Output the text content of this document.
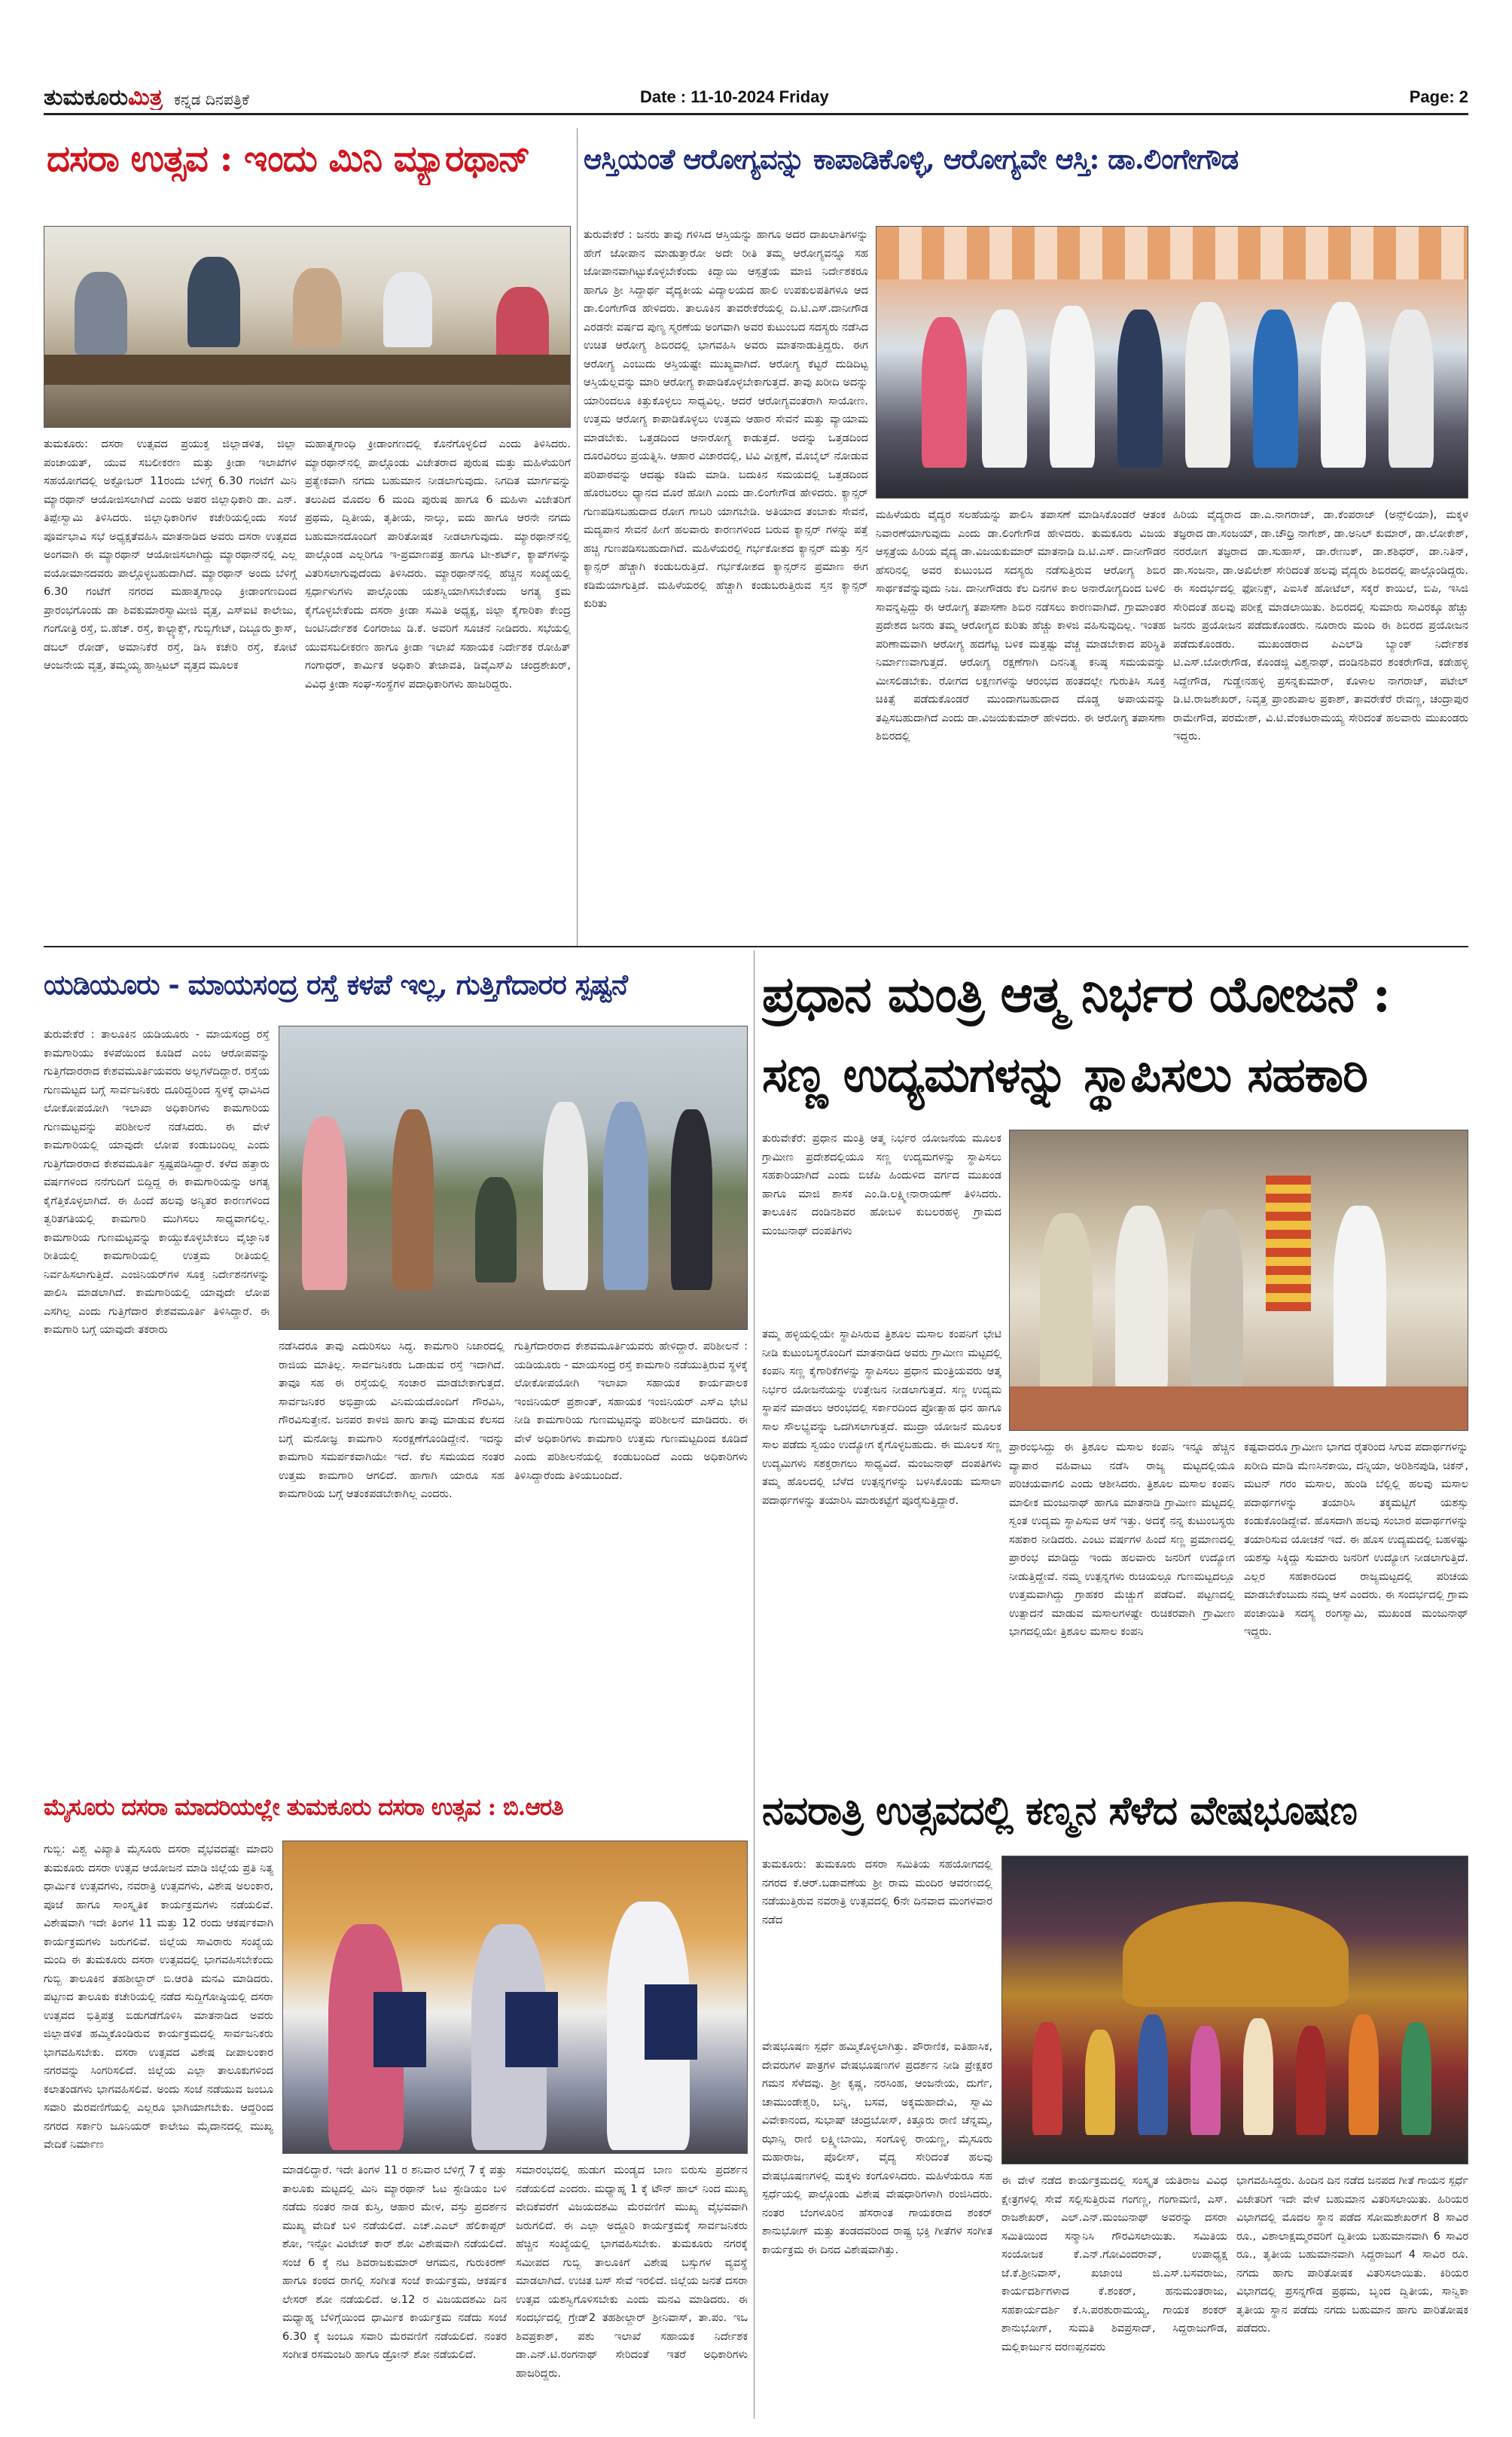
ತುಮಕೂರುಮಿತ್ರ ಕನ್ನಡ ದಿನಪತ್ರಿಕೆ	Date : 11-10-2024 Friday	Page: 2
ದಸರಾ ಉತ್ಸವ : ಇಂದು ಮಿನಿ ಮ್ಯಾರಥಾನ್
ತುಮಕೂರು: ದಸರಾ ಉತ್ಸವದ ಪ್ರಯುಕ್ತ ಜಿಲ್ಲಾಡಳಿತ, ಜಿಲ್ಲಾ ಪಂಚಾಯತ್, ಯುವ ಸಬಲೀಕರಣ ಮತ್ತು ಕ್ರೀಡಾ ಇಲಾಖೆಗಳ ಸಹಯೋಗದಲ್ಲಿ ಅಕ್ಟೋಬರ್ 11ರಂದು ಬೆಳಿಗ್ಗೆ 6.30 ಗಂಟೆಗೆ ಮಿನಿ ಮ್ಯಾರಥಾನ್ ಆಯೋಜಿಸಲಾಗಿದೆ ಎಂದು ಅಪರ ಜಿಲ್ಲಾಧಿಕಾರಿ ಡಾ. ಎನ್. ತಿಪ್ಪೇಸ್ವಾಮಿ ತಿಳಿಸಿದರು. ಜಿಲ್ಲಾಧಿಕಾರಿಗಳ ಕಚೇರಿಯಲ್ಲಿಂದು ಸಂಜೆ ಪೂರ್ವಭಾವಿ ಸಭೆ ಅಧ್ಯಕ್ಷತೆವಹಿಸಿ ಮಾತನಾಡಿದ ಅವರು ದಸರಾ ಉತ್ಸವದ ಅಂಗವಾಗಿ ಈ ಮ್ಯಾರಥಾನ್ ಆಯೋಜಿಸಲಾಗಿದ್ದು ಮ್ಯಾರಥಾನ್‌ನಲ್ಲಿ ಎಲ್ಲ ವಯೋಮಾನದವರು ಪಾಲ್ಗೊಳ್ಳಬಹುದಾಗಿದೆ. ಮ್ಯಾರಥಾನ್ ಅಂದು ಬೆಳಿಗ್ಗೆ 6.30 ಗಂಟೆಗೆ ನಗರದ ಮಹಾತ್ಮಗಾಂಧಿ ಕ್ರೀಡಾಂಗಣದಿಂದ ಪ್ರಾರಂಭಗೊಂಡು ಡಾ ಶಿವಕುಮಾರಸ್ವಾಮೀಜಿ ವೃತ್ತ, ಎಸ್‌ಐಟಿ ಕಾಲೇಜು, ಗಂಗೋತ್ರಿ ರಸ್ತೆ, ಬಿ.ಹೆಚ್. ರಸ್ತೆ, ಕಾಲ್ಟ್ಯಾಕ್ಸ್, ಗುಬ್ಬಿಗೇಟ್, ದಿಬ್ಬೂರು ಕ್ರಾಸ್, ಡಬಲ್ ರೋಡ್, ಅಮಾನಿಕೆರೆ ರಸ್ತೆ, ಡಿಸಿ ಕಚೇರಿ ರಸ್ತೆ, ಕೋಟೆ ಆಂಜನೇಯ ವೃತ್ತ, ತಮ್ಮಯ್ಯ ಹಾಸ್ಪಿಟಲ್ ವೃತ್ತದ ಮೂಲಕ
ಮಹಾತ್ಮಗಾಂಧಿ ಕ್ರೀಡಾಂಗಣದಲ್ಲಿ ಕೊನೆಗೊಳ್ಳಲಿದೆ ಎಂದು ತಿಳಿಸಿದರು. ಮ್ಯಾರಥಾನ್‌ನಲ್ಲಿ ಪಾಲ್ಗೊಂಡು ವಿಜೇತರಾದ ಪುರುಷ ಮತ್ತು ಮಹಿಳೆಯರಿಗೆ ಪ್ರತ್ಯೇಕವಾಗಿ ನಗದು ಬಹುಮಾನ ನೀಡಲಾಗುವುದು. ನಿಗದಿತ ಮಾರ್ಗವನ್ನು ತಲುಪಿದ ಮೊದಲ 6 ಮಂದಿ ಪುರುಷ ಹಾಗೂ 6 ಮಹಿಳಾ ವಿಜೇತರಿಗೆ ಪ್ರಥಮ, ದ್ವಿತೀಯ, ತೃತೀಯ, ನಾಲ್ಕು, ಐದು ಹಾಗೂ ಆರನೇ ನಗದು ಬಹುಮಾನದೊಂದಿಗೆ ಪಾರಿತೋಷಕ ನೀಡಲಾಗುವುದು. ಮ್ಯಾರಥಾನ್‌ನಲ್ಲಿ ಪಾಲ್ಗೊಂಡ ಎಲ್ಲರಿಗೂ ಇ-ಪ್ರಮಾಣಪತ್ರ ಹಾಗೂ ಟೀ-ಶರ್ಟ್, ಕ್ಯಾಪ್‌ಗಳನ್ನು ವಿತರಿಸಲಾಗುವುದೆಂದು ತಿಳಿಸಿದರು. ಮ್ಯಾರಥಾನ್‌ನಲ್ಲಿ ಹೆಚ್ಚಿನ ಸಂಖ್ಯೆಯಲ್ಲಿ ಸ್ಪರ್ಧಾಳುಗಳು ಪಾಲ್ಗೊಂಡು ಯಶಸ್ವಿಯಾಗಿಸಬೇಕೆಂದು ಅಗತ್ಯ ಕ್ರಮ ಕೈಗೊಳ್ಳಬೇಕೆಂದು ದಸರಾ ಕ್ರೀಡಾ ಸಮಿತಿ ಅಧ್ಯಕ್ಷ, ಜಿಲ್ಲಾ ಕೈಗಾರಿಕಾ ಕೇಂದ್ರ ಜಂಟಿನಿರ್ದೇಶಕ ಲಿಂಗರಾಜು ಡಿ.ಕೆ. ಅವರಿಗೆ ಸೂಚನೆ ನೀಡಿದರು. ಸಭೆಯಲ್ಲಿ ಯುವಸಬಲೀಕರಣ ಹಾಗೂ ಕ್ರೀಡಾ ಇಲಾಖೆ ಸಹಾಯಕ ನಿರ್ದೇಶಕ ರೋಹಿತ್ ಗಂಗಾಧರ್, ಕಾರ್ಮಿಕ ಅಧಿಕಾರಿ ತೇಜಾವತಿ, ಡಿವೈಎಸ್‌ಪಿ ಚಂದ್ರಶೇಖರ್, ವಿವಿಧ ಕ್ರೀಡಾ ಸಂಘ-ಸಂಸ್ಥೆಗಳ ಪದಾಧಿಕಾರಿಗಳು ಹಾಜರಿದ್ದರು.
ಆಸ್ತಿಯಂತೆ ಆರೋಗ್ಯವನ್ನು ಕಾಪಾಡಿಕೊಳ್ಳಿ, ಆರೋಗ್ಯವೇ ಆಸ್ತಿ: ಡಾ.ಲಿಂಗೇಗೌಡ
ತುರುವೇಕೆರೆ : ಜನರು ತಾವು ಗಳಿಸಿದ ಆಸ್ತಿಯನ್ನು ಹಾಗೂ ಅದರ ದಾಖಲಾತಿಗಳನ್ನು ಹೇಗೆ ಜೋಪಾನ ಮಾಡುತ್ತಾರೋ ಅದೇ ರೀತಿ ತಮ್ಮ ಆರೋಗ್ಯವನ್ನೂ ಸಹ ಜೋಪಾನವಾಗಿಟ್ಟುಕೊಳ್ಳಬೇಕೆಂದು ಕಿದ್ವಾಯಿ ಆಸ್ಪತ್ರೆಯ ಮಾಜಿ ನಿರ್ದೇಶಕರೂ ಹಾಗೂ ಶ್ರೀ ಸಿದ್ದಾರ್ಥ ವೈದ್ಯಕೀಯ ವಿದ್ಯಾಲಯದ ಹಾಲಿ ಉಪಕುಲಪತಿಗಳೂ ಆದ ಡಾ.ಲಿಂಗೇಗೌಡ ಹೇಳಿದರು. ತಾಲೂಕಿನ ತಾವರೇಕೆರೆಯಲ್ಲಿ ದಿ.ಟಿ.ಎಸ್.ದಾನೀಗೌಡ ಎರಡನೇ ವರ್ಷದ ಪುಣ್ಯ ಸ್ಮರಣೆಯ ಅಂಗವಾಗಿ ಅವರ ಕುಟುಂಬದ ಸದಸ್ಯರು ನಡೆಸಿದ ಉಚಿತ ಆರೋಗ್ಯ ಶಿಬಿರದಲ್ಲಿ ಭಾಗವಹಿಸಿ ಅವರು ಮಾತನಾಡುತ್ತಿದ್ದರು. ಈಗ ಆರೋಗ್ಯ ಎಂಬುದು ಆಸ್ತಿಯಷ್ಟೇ ಮುಖ್ಯವಾಗಿದೆ. ಆರೋಗ್ಯ ಕೆಟ್ಟರೆ ದುಡಿದಿಟ್ಟ ಆಸ್ತಿಯೆಲ್ಲವನ್ನು ಮಾರಿ ಆರೋಗ್ಯ ಕಾಪಾಡಿಕೊಳ್ಳಬೇಕಾಗುತ್ತದೆ. ತಾವು ಖರೀದಿ ಅದನ್ನು ಯಾರಿಂದಲೂ ಕಿತ್ತುಕೊಳ್ಳಲು ಸಾಧ್ಯವಿಲ್ಲ. ಆದರೆ ಆರೋಗ್ಯವಂತರಾಗಿ ಸಾಯೋಣ. ಉತ್ತಮ ಆರೋಗ್ಯ ಕಾಪಾಡಿಕೊಳ್ಳಲು ಉತ್ತಮ ಆಹಾರ ಸೇವನೆ ಮತ್ತು ವ್ಯಾಯಾಮ ಮಾಡಬೇಕು. ಒತ್ತಡದಿಂದ ಆನಾರೋಗ್ಯ ಕಾಡುತ್ತದೆ. ಅದನ್ನು ಒತ್ತಡದಿಂದ ದೂರವಿರಲು ಪ್ರಯತ್ನಿಸಿ. ಆಹಾರ ವಿಚಾರದಲ್ಲಿ, ಟಿವಿ ವೀಕ್ಷಣೆ, ಮೊಬೈಲ್ ನೋಡುವ ಪರಿಪಾಠವನ್ನು ಆದಷ್ಟು ಕಡಿಮೆ ಮಾಡಿ. ಬದುಕಿನ ಸಮಯದಲ್ಲಿ ಒತ್ತಡದಿಂದ ಹೊರಬರಲು ಧ್ಯಾನದ ಮೊರೆ ಹೋಗಿ ಎಂದು ಡಾ.ಲಿಂಗೇಗೌಡ ಹೇಳಿದರು. ಕ್ಯಾನ್ಸರ್ ಗುಣಪಡಿಸಬಹುದಾದ ರೋಗ ಗಾಬರಿ ಯಾಗಬೇಡಿ. ಅತಿಯಾದ ತಂಬಾಕು ಸೇವನೆ, ಮದ್ಯಪಾನ ಸೇವನೆ ಹೀಗೆ ಹಲವಾರು ಕಾರಣಗಳಿಂದ ಬರುವ ಕ್ಯಾನ್ಸರ್ ಗಳನ್ನು ಪತ್ತೆ ಹಚ್ಚಿ ಗುಣಪಡಿಸಬಹುದಾಗಿದೆ. ಮಹಿಳೆಯರಲ್ಲಿ ಗರ್ಭಕೋಶದ ಕ್ಯಾನ್ಸರ್ ಮತ್ತು ಸ್ತನ ಕ್ಯಾನ್ಸರ್ ಹೆಚ್ಚಾಗಿ ಕಂಡುಬರುತ್ತಿದೆ. ಗರ್ಭಕೋಶದ ಕ್ಯಾನ್ಸರ್‌ನ ಪ್ರಮಾಣ ಈಗ ಕಡಿಮೆಯಾಗುತ್ತಿದೆ. ಮಹಿಳೆಯರಲ್ಲಿ ಹೆಚ್ಚಾಗಿ ಕಂಡುಬರುತ್ತಿರುವ ಸ್ತನ ಕ್ಯಾನ್ಸರ್ ಕುರಿತು
ಮಹಿಳೆಯರು ವೈದ್ಯರ ಸಲಹೆಯನ್ನು ಪಾಲಿಸಿ ತಪಾಸಣೆ ಮಾಡಿಸಿಕೊಂಡರೆ ಆತಂಕ ನಿವಾರಣೆಯಾಗುವುದು ಎಂದು ಡಾ.ಲಿಂಗೇಗೌಡ ಹೇಳಿದರು. ತುಮಕೂರು ವಿಜಯ ಆಸ್ಪತ್ರೆಯ ಹಿರಿಯ ವೈದ್ಯ ಡಾ.ವಿಜಯಕುಮಾರ್ ಮಾತನಾಡಿ ದಿ.ಟಿ.ಎಸ್. ದಾನೀಗೌಡರ ಹೆಸರಿನಲ್ಲಿ ಅವರ ಕುಟುಂಬದ ಸದಸ್ಯರು ನಡೆಸುತ್ತಿರುವ ಆರೋಗ್ಯ ಶಿಬಿರ ಸಾರ್ಥಕವೆನ್ನುವುದು ನಿಜ. ದಾನೀಗೌಡರು ಕೆಲ ದಿನಗಳ ಕಾಲ ಅನಾರೋಗ್ಯದಿಂದ ಬಳಲಿ ಸಾವನ್ನಪ್ಪಿದ್ದು ಈ ಆರೋಗ್ಯ ತಪಾಸಣಾ ಶಿಬಿರ ನಡೆಸಲು ಕಾರಣವಾಗಿದೆ. ಗ್ರಾಮಾಂತರ ಪ್ರದೇಶದ ಜನರು ತಮ್ಮ ಆರೋಗ್ಯದ ಕುರಿತು ಹೆಚ್ಚು ಕಾಳಜಿ ವಹಿಸುವುದಿಲ್ಲ. ಇಂತಹ ಪರಿಣಾಮವಾಗಿ ಆರೋಗ್ಯ ಹದಗೆಟ್ಟ ಬಳಿಕ ಮತ್ತಷ್ಟು ವೆಚ್ಚ ಮಾಡಬೇಕಾದ ಪರಿಸ್ಥಿತಿ ನಿರ್ಮಾಣವಾಗುತ್ತದೆ. ಆರೋಗ್ಯ ರಕ್ಷಣೆಗಾಗಿ ದಿನನಿತ್ಯ ಕನಿಷ್ಠ ಸಮಯವನ್ನು ಮೀಸಲಿಡಬೇಕು. ರೋಗದ ಲಕ್ಷಣಗಳನ್ನು ಆರಂಭದ ಹಂತದಲ್ಲೇ ಗುರುತಿಸಿ ಸೂಕ್ತ ಚಿಕಿತ್ಸೆ ಪಡೆದುಕೊಂಡರೆ ಮುಂದಾಗಬಹುದಾದ ದೊಡ್ಡ ಅಪಾಯವನ್ನು ತಪ್ಪಿಸಬಹುದಾಗಿದೆ ಎಂದು ಡಾ.ವಿಜಯಕುಮಾರ್ ಹೇಳಿದರು. ಈ ಆರೋಗ್ಯ ತಪಾಸಣಾ ಶಿಬಿರದಲ್ಲಿ
ಹಿರಿಯ ವೈದ್ಯರಾದ ಡಾ.ಎ.ನಾಗರಾಜ್, ಡಾ.ಕೆಂಪರಾಜ್ (ಅನ್ಸ್‌ಲಿಯಾ), ಮಕ್ಕಳ ತಜ್ಞರಾದ ಡಾ.ಸಂಜಯ್, ಡಾ.ಚೌಧ್ರಿ ನಾಗೇಶ್, ಡಾ.ಅನಿಲ್ ಕುಮಾರ್, ಡಾ.ಲೋಕೇಶ್, ನರರೋಗ ತಜ್ಞರಾದ ಡಾ.ಸುಹಾಸ್, ಡಾ.ರೇಣುಕ್, ಡಾ.ಶಶಿಧರ್, ಡಾ.ನಿತಿನ್, ಡಾ.ಸಂಜನಾ, ಡಾ.ಅಖಿಲೇಶ್ ಸೇರಿದಂತೆ ಹಲವು ವೈದ್ಯರು ಶಿಬಿರದಲ್ಲಿ ಪಾಲ್ಗೊಂಡಿದ್ದರು. ಈ ಸಂದರ್ಭದಲ್ಲಿ ಫೋನಿಕ್ಸ್, ಪಿಐಸಿಕೆ ಹೋಟೆಲ್, ಸಕ್ಕರೆ ಕಾಯಿಲೆ, ಬಿಪಿ, ಇಸಿಜಿ ಸೇರಿದಂತೆ ಹಲವು ಪರೀಕ್ಷೆ ಮಾಡಲಾಯಿತು. ಶಿಬಿರದಲ್ಲಿ ಸುಮಾರು ಸಾವಿರಕ್ಕೂ ಹೆಚ್ಚು ಜನರು ಪ್ರಯೋಜನ ಪಡೆದುಕೊಂಡರು. ನೂರಾರು ಮಂದಿ ಈ ಶಿಬಿರದ ಪ್ರಯೋಜನ ಪಡೆದುಕೊಂಡರು. ಮುಖಂಡರಾದ ಪಿಎಲ್‌ಡಿ ಬ್ಯಾಂಕ್ ನಿರ್ದೇಶಕ ಟಿ.ಎಸ್.ಬೋರೇಗೌಡ, ಕೊಂಡಜ್ಜಿ ವಿಶ್ವನಾಥ್, ದಂಡಿನಶಿವರ ಶಂಕರೇಗೌಡ, ಕಡೇಹಳ್ಳಿ ಸಿದ್ದೇಗೌಡ, ಗುಡ್ಡೇನಹಳ್ಳಿ ಪ್ರಸನ್ನಕುಮಾರ್, ಕೊಳಾಲ ನಾಗರಾಜ್, ಪಟೇಲ್ ಡಿ.ಟಿ.ರಾಜಶೇಖರ್, ನಿವೃತ್ತ ಪ್ರಾಂಶುಪಾಲ ಪ್ರಕಾಶ್, ತಾವರೇಕೆರೆ ರೇವಣ್ಣ, ಚಂದ್ರಾಪುರ ರಾಮೇಗೌಡ, ಪರಮೇಶ್, ವಿ.ಟಿ.ವೆಂಕಟರಾಮಯ್ಯ ಸೇರಿದಂತೆ ಹಲವಾರು ಮುಖಂಡರು ಇದ್ದರು.
ಯಡಿಯೂರು - ಮಾಯಸಂದ್ರ ರಸ್ತೆ ಕಳಪೆ ಇಲ್ಲ, ಗುತ್ತಿಗೆದಾರರ ಸ್ಪಷ್ಟನೆ
ತುರುವೇಕೆರೆ : ತಾಲೂಕಿನ ಯಡಿಯೂರು - ಮಾಯಸಂದ್ರ ರಸ್ತೆ ಕಾಮಗಾರಿಯು ಕಳಪೆಯಿಂದ ಕೂಡಿದೆ ಎಂಬ ಆರೋಪವನ್ನು ಗುತ್ತಿಗೆದಾರರಾದ ಕೇಶವಮೂರ್ತಿಯವರು ಅಲ್ಲಗಳೆದಿದ್ದಾರೆ. ರಸ್ತೆಯ ಗುಣಮಟ್ಟದ ಬಗ್ಗೆ ಸಾರ್ವಜನಿಕರು ದೂರಿದ್ದರಿಂದ ಸ್ಥಳಕ್ಕೆ ಧಾವಿಸಿದ ಲೋಕೋಪಯೋಗಿ ಇಲಾಖಾ ಅಧಿಕಾರಿಗಳು ಕಾಮಗಾರಿಯ ಗುಣಮಟ್ಟವನ್ನು ಪರಿಶೀಲನೆ ನಡೆಸಿದರು. ಈ ವೇಳೆ ಕಾಮಗಾರಿಯಲ್ಲಿ ಯಾವುದೇ ಲೋಪ ಕಂಡುಬಂದಿಲ್ಲ ಎಂದು ಗುತ್ತಿಗೆದಾರರಾದ ಕೇಶವಮೂರ್ತಿ ಸ್ಪಷ್ಟಪಡಿಸಿದ್ದಾರೆ. ಕಳೆದ ಹತ್ತಾರು ವರ್ಷಗಳಿಂದ ನನೆಗುದಿಗೆ ಬಿದ್ದಿದ್ದ ಈ ಕಾಮಗಾರಿಯನ್ನು ಅಗತ್ಯ ಕೈಗೆತ್ತಿಕೊಳ್ಳಲಾಗಿದೆ. ಈ ಹಿಂದೆ ಹಲವು ಅನ್ಯಿತರ ಕಾರಣಗಳಿಂದ ತ್ವರಿತಗತಿಯಲ್ಲಿ ಕಾಮಗಾರಿ ಮುಗಿಸಲು ಸಾಧ್ಯವಾಗಲಿಲ್ಲ. ಕಾಮಗಾರಿಯ ಗುಣಮಟ್ಟವನ್ನು ಕಾಯ್ದುಕೊಳ್ಳಬೇಕಲು ವೈಜ್ಞಾನಿಕ ರೀತಿಯಲ್ಲಿ ಕಾಮಗಾರಿಯಲ್ಲಿ ಉತ್ತಮ ರೀತಿಯಲ್ಲಿ ನಿರ್ವಹಿಸಲಾಗುತ್ತಿದೆ. ಎಂಜಿನಿಯರ್‌ಗಳ ಸೂಕ್ತ ನಿರ್ದೇಶನಗಳನ್ನು ಪಾಲಿಸಿ ಮಾಡಲಾಗಿದೆ. ಕಾಮಗಾರಿಯಲ್ಲಿ ಯಾವುದೇ ಲೋಪ ಎಸಗಿಲ್ಲ ಎಂದು ಗುತ್ತಿಗೆದಾರ ಕೇಶವಮೂರ್ತಿ ತಿಳಿಸಿದ್ದಾರೆ. ಈ ಕಾಮಗಾರಿ ಬಗ್ಗೆ ಯಾವುದೇ ತಕರಾರು
ನಡೆಸಿದರೂ ತಾವು ಎದುರಿಸಲು ಸಿದ್ಧ. ಕಾಮಗಾರಿ ನಿಜಾರದಲ್ಲಿ ರಾಜಿಯ ಮಾತಿಲ್ಲ. ಸಾರ್ವಜನಿಕರು ಒಡಾಡುವ ರಸ್ತೆ ಇದಾಗಿದೆ. ತಾವೂ ಸಹ ಈ ರಸ್ತೆಯಲ್ಲಿ ಸಂಚಾರ ಮಾಡಬೇಕಾಗುತ್ತದೆ. ಸಾರ್ವಜನಿಕರ ಅಭಿಪ್ರಾಯ ವಿನಿಮಯದೊಂದಿಗೆ ಗೌರವಿಸಿ, ಗೌರವಿಸುತ್ತೇನೆ. ಜನಪರ ಕಾಳಜಿ ಹಾಗು ತಾವು ಮಾಡುವ ಕೆಲಸದ ಬಗ್ಗೆ ಮನೋಜ್ಞ ಕಾಮಗಾರಿ ಸಂರಕ್ಷಣೆಗೊಂಡಿದ್ದೇನೆ. ಇದನ್ನು ಕಾಮಗಾರಿ ಸಮರ್ಪಕವಾಗಿಯೇ ಇದೆ. ಕೆಲ ಸಮಯದ ನಂತರ ಉತ್ತಮ ಕಾಮಗಾರಿ ಆಗಲಿದೆ. ಹಾಗಾಗಿ ಯಾರೂ ಸಹ ಕಾಮಗಾರಿಯ ಬಗ್ಗೆ ಆತಂಕಪಡಬೇಕಾಗಿಲ್ಲ ಎಂದರು.
ಗುತ್ತಿಗೆದಾರರಾದ ಕೇಶವಮೂರ್ತಿಯವರು ಹೇಳಿದ್ದಾರೆ. ಪರಿಶೀಲನೆ : ಯಡಿಯೂರು - ಮಾಯಸಂದ್ರ ರಸ್ತೆ ಕಾಮಗಾರಿ ನಡೆಯುತ್ತಿರುವ ಸ್ಥಳಕ್ಕೆ ಲೋಕೋಪಯೋಗಿ ಇಲಾಖಾ ಸಹಾಯಕ ಕಾರ್ಯಪಾಲಕ ಇಂಜಿನಿಯರ್ ಪ್ರಶಾಂತ್, ಸಹಾಯಕ ಇಂಜಿನಿಯರ್ ಎಸ್‌ಎ ಭೇಟಿ ನೀಡಿ ಕಾಮಗಾರಿಯ ಗುಣಮಟ್ಟವನ್ನು ಪರಿಶೀಲನೆ ಮಾಡಿದರು. ಈ ವೇಳೆ ಅಧಿಕಾರಿಗಳು ಕಾಮಗಾರಿ ಉತ್ತಮ ಗುಣಮಟ್ಟದಿಂದ ಕೂಡಿದೆ ಎಂದು ಪರಿಶೀಲನೆಯಲ್ಲಿ ಕಂಡುಬಂದಿದೆ ಎಂದು ಅಧಿಕಾರಿಗಳು ತಿಳಿಸಿದ್ದಾರೆಂದು ತಿಳಿಯಬಂದಿದೆ.
ಮೈಸೂರು ದಸರಾ ಮಾದರಿಯಲ್ಲೇ ತುಮಕೂರು ದಸರಾ ಉತ್ಸವ : ಬಿ.ಆರತಿ
ಗುಬ್ಬಿ: ವಿಶ್ವ ವಿಖ್ಯಾತಿ ಮೈಸೂರು ದಸರಾ ವೈಭವದಷ್ಟೇ ಮಾದರಿ ತುಮಕೂರು ದಸರಾ ಉತ್ಸವ ಆಯೋಜನೆ ಮಾಡಿ ಜಿಲ್ಲೆಯ ಪ್ರತಿ ನಿತ್ಯ ಧಾರ್ಮಿಕ ಉತ್ಸವಗಳು, ನವರಾತ್ರಿ ಉತ್ಸವಗಳು, ವಿಶೇಷ ಅಲಂಕಾರ, ಪೂಜೆ ಹಾಗೂ ಸಾಂಸ್ಕೃತಿಕ ಕಾರ್ಯಕ್ರಮಗಳು ನಡೆಯಲಿವೆ. ವಿಶೇಷವಾಗಿ ಇದೇ ತಿಂಗಳ 11 ಮತ್ತು 12 ರಂದು ಆಕರ್ಷಕವಾಗಿ ಕಾರ್ಯಕ್ರಮಗಳು ಜರುಗಲಿವೆ. ಜಿಲ್ಲೆಯ ಸಾವಿರಾರು ಸಂಖ್ಯೆಯ ಮಂದಿ ಈ ತುಮಕೂರು ದಸರಾ ಉತ್ಸವದಲ್ಲಿ ಭಾಗವಹಿಸಬೇಕೆಂದು ಗುಬ್ಬಿ ತಾಲೂಕಿನ ತಹಶೀಲ್ದಾರ್ ಬಿ.ಆರತಿ ಮನವಿ ಮಾಡಿದರು. ಪಟ್ಟಣದ ತಾಲೂಕು ಕಚೇರಿಯಲ್ಲಿ ನಡೆದ ಸುದ್ದಿಗೋಷ್ಠಿಯಲ್ಲಿ ದಸರಾ ಉತ್ಸವದ ಭಿತ್ತಿಪತ್ರ ಬಿಡುಗಡೆಗೊಳಿಸಿ ಮಾತನಾಡಿದ ಅವರು ಜಿಲ್ಲಾಡಳಿತ ಹಮ್ಮಿಕೊಂಡಿರುವ ಕಾರ್ಯಕ್ರಮದಲ್ಲಿ ಸಾರ್ವಜನಿಕರು ಭಾಗವಹಿಸಬೇಕು. ದಸರಾ ಉತ್ಸವದ ವಿಶೇಷ ದೀಪಾಲಂಕಾರ ನಗರವನ್ನು ಸಿಂಗರಿಸಲಿದೆ. ಜಿಲ್ಲೆಯ ಎಲ್ಲಾ ತಾಲೂಕುಗಳಿಂದ ಕಲಾತಂಡಗಳು ಭಾಗವಹಿಸಲಿವೆ. ಅಂದು ಸಂಜೆ ನಡೆಯುವ ಜಂಬೂ ಸವಾರಿ ಮೆರವಣಿಗೆಯಲ್ಲಿ ಎಲ್ಲರೂ ಭಾಗಿಯಾಗಬೇಕು. ಆದ್ದರಿಂದ ನಗರದ ಸರ್ಕಾರಿ ಜೂನಿಯರ್ ಕಾಲೇಜು ಮೈದಾನದಲ್ಲಿ ಮುಖ್ಯ ವೇದಿಕೆ ನಿರ್ಮಾಣ
ಮಾಡಲಿದ್ದಾರೆ. ಇದೇ ತಿಂಗಳ 11 ರ ಶನಿವಾರ ಬೆಳಿಗ್ಗೆ 7 ಕ್ಕೆ ಪತ್ತು ತಾಲೂಕು ಮಟ್ಟದಲ್ಲಿ ಮಿನಿ ಮ್ಯಾರಥಾನ್ ಓಟ ಸ್ಟೇಡಿಯಂ ಬಳಿ ನಡೆದು ನಂತರ ನಾಡ ಕುಸ್ತಿ, ಆಹಾರ ಮೇಳ, ವಸ್ತು ಪ್ರದರ್ಶನ ಮುಖ್ಯ ವೇದಿಕೆ ಬಳಿ ನಡೆಯಲಿದೆ. ಎಚ್.ಎಎಲ್ ಹೆಲಿಕಾಪ್ಟರ್ ಶೋ, ಇನ್ಫೋ ವಿಂಟೇಜ್ ಕಾರ್ ಶೋ ವಿಶೇಷವಾಗಿ ನಡೆಯಲಿದೆ. ಸಂಜೆ 6 ಕ್ಕೆ ನಟ ಶಿವರಾಜಕುಮಾರ್ ಆಗಮನ, ಗುರುಕಿರಣ್ ಹಾಗೂ ಕಂಠದ ರಾಗಲ್ಲಿ ಸಂಗೀತ ಸಂಜೆ ಕಾರ್ಯಕ್ರಮ, ಆಕರ್ಷಕ ಲೇಸರ್ ಶೋ ನಡೆಯಲಿದೆ. ಅ.12 ರ ವಿಜಯದಶಮಿ ದಿನ ಮಧ್ಯಾಹ್ನ ಬೆಳಿಗ್ಗೆಯಿಂದ ಧಾರ್ಮಿಕ ಕಾರ್ಯಕ್ರಮ ನಡೆದು ಸಂಜೆ 6.30 ಕ್ಕೆ ಜಂಬೂ ಸವಾರಿ ಮೆರವಣಿಗೆ ನಡೆಯಲಿದೆ. ನಂತರ ಸಂಗೀತ ರಸಮಂಜರಿ ಹಾಗೂ ಡ್ರೋನ್ ಶೋ ನಡೆಯಲಿದೆ.
ಸಮಾರಂಭದಲ್ಲಿ ಹುಡುಗ ಮಂಡ್ಯದ ಬಾಣ ಬಿರುಸು ಪ್ರದರ್ಶನ ನಡೆಯಲಿದೆ ಎಂದರು. ಮಧ್ಯಾಹ್ನ 1 ಕ್ಕೆ ಟೌನ್ ಹಾಲ್ ನಿಂದ ಮುಖ್ಯ ವೇದಿಕೆವರೆಗೆ ವಿಜಯದಶಮಿ ಮೆರವಣಿಗೆ ಮುಖ್ಯ ವೈಭವವಾಗಿ ಜರುಗಲಿದೆ. ಈ ಎಲ್ಲಾ ಅದ್ದೂರಿ ಕಾರ್ಯಕ್ರಮಕ್ಕೆ ಸಾರ್ವಜನಿಕರು ಹೆಚ್ಚಿನ ಸಂಖ್ಯೆಯಲ್ಲಿ ಭಾಗವಹಿಸಬೇಕು. ತುಮಕೂರು ನಗರಕ್ಕೆ ಸಮೀಪದ ಗುಬ್ಬಿ ತಾಲೂಕಿಗೆ ವಿಶೇಷ ಬಸ್ಸುಗಳ ವ್ಯವಸ್ಥೆ ಮಾಡಲಾಗಿದೆ. ಉಚಿತ ಬಸ್ ಸೇವೆ ಇರಲಿದೆ. ಜಿಲ್ಲೆಯ ಜನತೆ ದಸರಾ ಉತ್ಸವ ಯಶಸ್ವಿಗೊಳಿಸಬೇಕು ಎಂದು ಮನವಿ ಮಾಡಿದರು. ಈ ಸಂದರ್ಭದಲ್ಲಿ ಗ್ರೇಡ್2 ತಹಶೀಲ್ದಾರ್ ಶ್ರೀನಿವಾಸ್, ತಾ.ಪಂ. ಇಒ ಶಿವಪ್ರಕಾಶ್, ಪಶು ಇಲಾಖೆ ಸಹಾಯಕ ನಿರ್ದೇಶಕ ಡಾ.ಎನ್.ಟಿ.ರಂಗನಾಥ್ ಸೇರಿದಂತೆ ಇತರೆ ಅಧಿಕಾರಿಗಳು ಹಾಜರಿದ್ದರು.
ಪ್ರಧಾನ ಮಂತ್ರಿ ಆತ್ಮ ನಿರ್ಭರ ಯೋಜನೆ :
ಸಣ್ಣ ಉದ್ಯಮಗಳನ್ನು ಸ್ಥಾಪಿಸಲು ಸಹಕಾರಿ
ತುರುವೇಕೆರೆ: ಪ್ರಧಾನ ಮಂತ್ರಿ ಆತ್ಮ ನಿರ್ಭರ ಯೋಜನೆಯ ಮೂಲಕ ಗ್ರಾಮೀಣ ಪ್ರದೇಶದಲ್ಲಿಯೂ ಸಣ್ಣ ಉದ್ಯಮಗಳನ್ನು ಸ್ಥಾಪಿಸಲು ಸಹಕಾರಿಯಾಗಿದೆ ಎಂದು ಬಿಜೆಪಿ ಹಿಂದುಳಿದ ವರ್ಗದ ಮುಖಂಡ ಹಾಗೂ ಮಾಜಿ ಶಾಸಕ ಎಂ.ಡಿ.ಲಕ್ಷ್ಮೀನಾರಾಯಣ್ ತಿಳಿಸಿದರು. ತಾಲೂಕಿನ ದಂಡಿನಶಿವರ ಹೋಬಳಿ ಕುಬಲರಹಳ್ಳಿ ಗ್ರಾಮದ ಮಂಜುನಾಥ್ ದಂಪತಿಗಳು
ತಮ್ಮ ಹಳ್ಳಿಯಲ್ಲಿಯೇ ಸ್ಥಾಪಿಸಿರುವ ತ್ರಿಶೂಲ ಮಸಾಲ ಕಂಪನಿಗೆ ಭೇಟಿ ನೀಡಿ ಕುಟುಂಬಸ್ಥರೊಂದಿಗೆ ಮಾತನಾಡಿದ ಅವರು ಗ್ರಾಮೀಣ ಮಟ್ಟದಲ್ಲಿ ಕಂಪನಿ ಸಣ್ಣ ಕೈಗಾರಿಕೆಗಳನ್ನು ಸ್ಥಾಪಿಸಲು ಪ್ರಧಾನ ಮಂತ್ರಿಯವರು ಆತ್ಮ ನಿರ್ಭರ ಯೋಜನೆಯನ್ನು ಉತ್ತೇಜನ ನೀಡಲಾಗುತ್ತದೆ. ಸಣ್ಣ ಉದ್ಯಮ ಸ್ಥಾಪನೆ ಮಾಡಲು ಆರಂಭದಲ್ಲಿ ಸರ್ಕಾರದಿಂದ ಪ್ರೋತ್ಸಾಹ ಧನ ಹಾಗೂ ಸಾಲ ಸೌಲಭ್ಯವನ್ನು ಒದಗಿಸಲಾಗುತ್ತದೆ. ಮುದ್ರಾ ಯೋಜನೆ ಮೂಲಕ ಸಾಲ ಪಡೆದು ಸ್ವಯಂ ಉದ್ಯೋಗ ಕೈಗೊಳ್ಳಬಹುದು. ಈ ಮೂಲಕ ಸಣ್ಣ ಉದ್ಯಮಿಗಳು ಸಶಕ್ತರಾಗಲು ಸಾಧ್ಯವಿದೆ. ಮಂಜುನಾಥ್ ದಂಪತಿಗಳು ತಮ್ಮ ಹೊಲದಲ್ಲಿ ಬೆಳೆದ ಉತ್ಪನ್ನಗಳನ್ನು ಬಳಸಿಕೊಂಡು ಮಸಾಲಾ ಪದಾರ್ಥಗಳನ್ನು ತಯಾರಿಸಿ ಮಾರುಕಟ್ಟೆಗೆ ಪೂರೈಸುತ್ತಿದ್ದಾರೆ.
ಪ್ರಾರಂಭಿಸಿದ್ದು ಈ ತ್ರಿಶೂಲ ಮಸಾಲ ಕಂಪನಿ ಇನ್ನೂ ಹೆಚ್ಚಿನ ವ್ಯಾಪಾರ ವಹಿವಾಟು ನಡೆಸಿ ರಾಜ್ಯ ಮಟ್ಟದಲ್ಲಿಯೂ ಪರಿಚಯವಾಗಲಿ ಎಂದು ಆಶೀಸಿದರು. ತ್ರಿಶೂಲ ಮಸಾಲ ಕಂಪನಿ ಮಾಲೀಕ ಮಂಜುನಾಥ್ ಹಾಗೂ ಮಾತನಾಡಿ ಗ್ರಾಮೀಣ ಮಟ್ಟದಲ್ಲಿ ಸ್ವಂತ ಉದ್ಯಮ ಸ್ಥಾಪಿಸುವ ಆಸೆ ಇತ್ತು. ಅದಕ್ಕೆ ನನ್ನ ಕುಟುಂಬಸ್ಥರು ಸಹಕಾರ ನೀಡಿದರು. ಎಂಟು ವರ್ಷಗಳ ಹಿಂದೆ ಸಣ್ಣ ಪ್ರಮಾಣದಲ್ಲಿ ಪ್ರಾರಂಭ ಮಾಡಿದ್ದು ಇಂದು ಹಲವಾರು ಜನರಿಗೆ ಉದ್ಯೋಗ ನೀಡುತ್ತಿದ್ದೇವೆ. ನಮ್ಮ ಉತ್ಪನ್ನಗಳು ರುಚಿಯಲ್ಲೂ ಗುಣಮಟ್ಟದಲ್ಲೂ ಉತ್ತಮವಾಗಿದ್ದು ಗ್ರಾಹಕರ ಮೆಚ್ಚುಗೆ ಪಡೆದಿವೆ. ಪಟ್ಟಣದಲ್ಲಿ ಉತ್ಪಾದನೆ ಮಾಡುವ ಮಸಾಲಗಳಷ್ಟೇ ರುಚಿಕರವಾಗಿ ಗ್ರಾಮೀಣ ಭಾಗದಲ್ಲಿಯೇ ತ್ರಿಶೂಲ ಮಸಾಲ ಕಂಪನಿ
ಕಷ್ಟವಾದರೂ ಗ್ರಾಮೀಣ ಭಾಗದ ರೈತರಿಂದ ಸಿಗುವ ಪದಾರ್ಥಗಳನ್ನು ಖರೀದಿ ಮಾಡಿ ಮೆಣಸಿನಕಾಯಿ, ದನ್ನಿಯಾ, ಅರಿಶಿನಪುಡಿ, ಚಿಕನ್, ಮಟನ್ ಗರಂ ಮಸಾಲ, ಹುಂಡಿ ಬೆಲ್ಲಿಲ್ಲಿ ಹಲವು ಮಸಾಲ ಪದಾರ್ಥಗಳನ್ನು ತಯಾರಿಸಿ ತಕ್ಕಮಟ್ಟಿಗೆ ಯಶಸ್ಸು ಕಂಡುಕೊಂಡಿದ್ದೇವೆ. ಹೊಸದಾಗಿ ಹಲವು ಸಂಬಾರ ಪದಾರ್ಥಗಳನ್ನು ತಯಾರಿಸುವ ಯೋಚನೆ ಇದೆ. ಈ ಹೊಸ ಉದ್ಯಮದಲ್ಲಿ ಬಹಳಷ್ಟು ಯಶಸ್ಸು ಸಿಕ್ಕಿದ್ದು ಸುಮಾರು ಜನರಿಗೆ ಉದ್ಯೋಗ ನೀಡಲಾಗುತ್ತಿದೆ. ಎಲ್ಲರ ಸಹಕಾರದಿಂದ ರಾಜ್ಯಮಟ್ಟದಲ್ಲಿ ಪರಿಚಯ ಮಾಡಬೇಕೆಂಬುದು ನಮ್ಮ ಆಸೆ ಎಂದರು. ಈ ಸಂದರ್ಭದಲ್ಲಿ ಗ್ರಾಮ ಪಂಚಾಯಿತಿ ಸದಸ್ಯ ರಂಗಸ್ವಾಮಿ, ಮುಖಂಡ ಮಂಜುನಾಥ್ ಇದ್ದರು.
ನವರಾತ್ರಿ ಉತ್ಸವದಲ್ಲಿ ಕಣ್ಮನ ಸೆಳೆದ ವೇಷಭೂಷಣ
ತುಮಕೂರು: ತುಮಕೂರು ದಸರಾ ಸಮಿತಿಯ ಸಹಯೋಗದಲ್ಲಿ ನಗರದ ಕೆ.ಆರ್.ಬಡಾವಣೆಯ ಶ್ರೀ ರಾಮ ಮಂದಿರ ಆವರಣದಲ್ಲಿ ನಡೆಯುತ್ತಿರುವ ನವರಾತ್ರಿ ಉತ್ಸವದಲ್ಲಿ 6ನೇ ದಿನವಾದ ಮಂಗಳವಾರ ನಡೆದ
ವೇಷಭೂಷಣ ಸ್ಪರ್ಧೆ ಹಮ್ಮಿಕೊಳ್ಳಲಾಗಿತ್ತು. ಪೌರಾಣಿಕ, ಐತಿಹಾಸಿಕ, ದೇವರುಗಳ ಪಾತ್ರಗಳ ವೇಷಭೂಷಣಗಳ ಪ್ರದರ್ಶನ ನೀಡಿ ಪ್ರೇಕ್ಷಕರ ಗಮನ ಸೆಳೆದವು. ಶ್ರೀ ಕೃಷ್ಣ, ನರಸಿಂಹ, ಆಂಜನೇಯ, ದುರ್ಗೆ, ಚಾಮುಂಡೇಶ್ವರಿ, ಬನ್ನಿ, ಬಸವ, ಅಕ್ಕಮಹಾದೇವಿ, ಸ್ವಾಮಿ ವಿವೇಕಾನಂದ, ಸುಭಾಷ್ ಚಂದ್ರಬೋಸ್, ಕಿತ್ತೂರು ರಾಣಿ ಚೆನ್ನಮ್ಮ, ಝಾನ್ಸಿ ರಾಣಿ ಲಕ್ಷ್ಮೀಬಾಯಿ, ಸಂಗೊಳ್ಳಿ ರಾಯಣ್ಣ, ಮೈಸೂರು ಮಹಾರಾಜ, ಪೊಲೀಸ್, ವೈದ್ಯ ಸೇರಿದಂತೆ ಹಲವು ವೇಷಭೂಷಣಗಳಲ್ಲಿ ಮಕ್ಕಳು ಕಂಗೊಳಿಸಿದರು. ಮಹಿಳೆಯರೂ ಸಹ ಸ್ಪರ್ಧೆಯಲ್ಲಿ ಪಾಲ್ಗೊಂಡು ವಿಶೇಷ ವೇಷಧಾರಿಗಳಾಗಿ ರಂಜಿಸಿದರು. ನಂತರ ಬೆಂಗಳೂರಿನ ಹೆಸರಾಂತ ಗಾಯಕರಾದ ಶಂಕರ್ ಶಾನುಭೋಗ್ ಮತ್ತು ತಂಡದವರಿಂದ ರಾಷ್ಟ್ರ ಭಕ್ತಿ ಗೀತೆಗಳ ಸಂಗೀತ ಕಾರ್ಯಕ್ರಮ ಈ ದಿನದ ವಿಶೇಷವಾಗಿತ್ತು.
ಈ ವೇಳೆ ನಡೆದ ಕಾರ್ಯಕ್ರಮದಲ್ಲಿ ಸಂಸ್ಕೃತ ಯತಿರಾಜ ವಿವಿಧ ಕ್ಷೇತ್ರಗಳಲ್ಲಿ ಸೇವೆ ಸಲ್ಲಿಸುತ್ತಿರುವ ಗಂಗಣ್ಣ, ಗಂಗಾಮಣಿ, ಎಸ್. ರಾಜಶೇಖರ್, ಎಲ್.ಎನ್.ಮಂಜುನಾಥ್ ಅವರನ್ನು ದಸರಾ ಸಮಿತಿಯಿಂದ ಸನ್ಮಾನಿಸಿ ಗೌರವಿಸಲಾಯಿತು. ಸಮಿತಿಯ ಸಂಯೋಜಕ ಕೆ.ಎನ್.ಗೋವಿಂದರಾವ್, ಉಪಾಧ್ಯಕ್ಷ ಜೆ.ಕೆ.ಶ್ರೀನಿವಾಸ್, ಖಜಾಂಚಿ ಜಿ.ಎಸ್.ಬಸವರಾಜು, ಕಾರ್ಯದರ್ಶಿಗಳಾದ ಕೆ.ಶಂಕರ್, ಹನುಮಂತರಾಜು, ಸಹಕಾರ್ಯದರ್ಶಿ ಕೆ.ಸಿ.ಪರಶುರಾಮಯ್ಯ, ಗಾಯಕ ಶಂಕರ್ ಶಾನುಭೋಗ್, ಸುಮತಿ ಶಿವಪ್ರಸಾದ್, ಸಿದ್ದರಾಜುಗೌಡ, ಮಲ್ಲಿಕಾರ್ಜುನ ದರಣಪ್ಪನವರು
ಭಾಗವಹಿಸಿದ್ದರು. ಹಿಂದಿನ ದಿನ ನಡೆದ ಜನಪದ ಗೀತೆ ಗಾಯನ ಸ್ಪರ್ಧೆ ವಿಜೇತರಿಗೆ ಇದೇ ವೇಳೆ ಬಹುಮಾನ ವಿತರಿಸಲಾಯಿತು. ಹಿರಿಯರ ವಿಭಾಗದಲ್ಲಿ ಮೊದಲ ಸ್ಥಾನ ಪಡೆದ ಸೋಮಶೇಖರ್‌ಗೆ 8 ಸಾವಿರ ರೂ., ವಿಶಾಲಾಕ್ಷಮ್ಮರವರಿಗೆ ದ್ವಿತೀಯ ಬಹುಮಾನವಾಗಿ 6 ಸಾವಿರ ರೂ., ತೃತೀಯ ಬಹುಮಾನವಾಗಿ ಸಿದ್ದರಾಜುಗೆ 4 ಸಾವಿರ ರೂ. ನಗದು ಹಾಗು ಪಾರಿತೋಷಕ ವಿತರಿಸಲಾಯಿತು. ಕಿರಿಯರ ವಿಭಾಗದಲ್ಲಿ ಪ್ರಸನ್ನಗೌಡ ಪ್ರಥಮ, ಬೃಂದ ದ್ವಿತೀಯ, ಸಾನ್ವಿಕಾ ತೃತೀಯ ಸ್ಥಾನ ಪಡೆದು ನಗದು ಬಹುಮಾನ ಹಾಗು ಪಾರಿತೋಷಕ ಪಡೆದರು.
